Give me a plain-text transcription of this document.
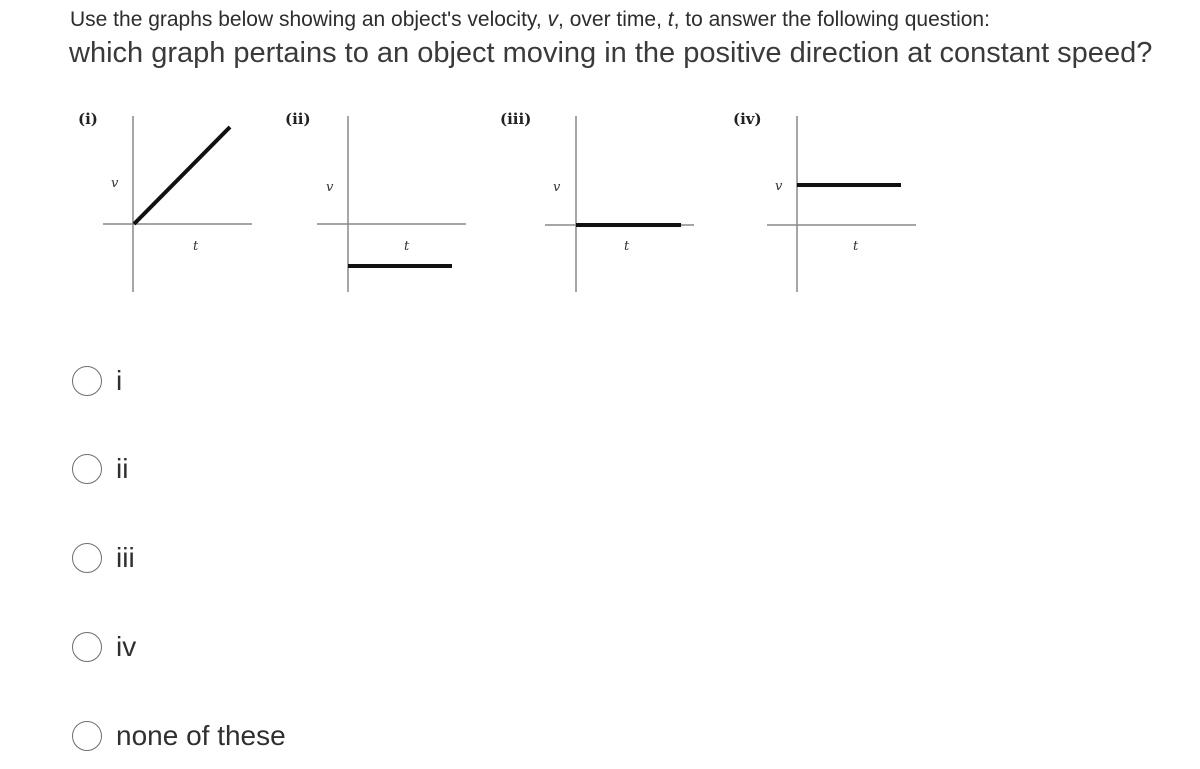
Use the graphs below showing an object's velocity, v, over time, t, to answer the following question:
which graph pertains to an object moving in the positive direction at constant speed?
(i)
v
t
(ii)
v
t
(iii)
v
t
(iv)
v
t
i
ii
iii
iv
none of these
